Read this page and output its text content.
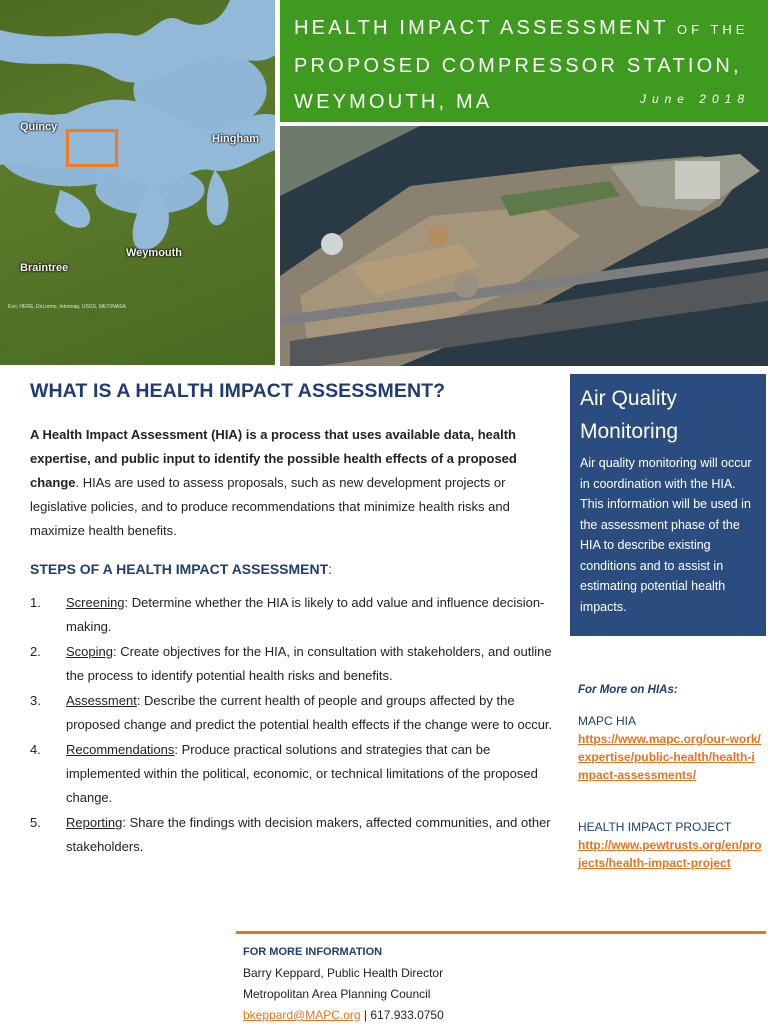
Quincy
Hingham
Weymouth
Braintree
Esri, HERE, DeLorme, Intermap, USGS, METI/NASA
HEALTH IMPACT ASSESSMENT OF THE
PROPOSED COMPRESSOR STATION,
WEYMOUTH, MA	June 2018
WHAT IS A HEALTH IMPACT ASSESSMENT?

A Health Impact Assessment (HIA) is a process that uses available data, health expertise, and public input to identify the possible health effects of a proposed change. HIAs are used to assess proposals, such as new development projects or legislative policies, and to produce recommendations that minimize health risks and maximize health benefits.

STEPS OF A HEALTH IMPACT ASSESSMENT:
1. Screening: Determine whether the HIA is likely to add value and influence decision-making.
2. Scoping: Create objectives for the HIA, in consultation with stakeholders, and outline the process to identify potential health risks and benefits.
3. Assessment: Describe the current health of people and groups affected by the proposed change and predict the potential health effects if the change were to occur.
4. Recommendations: Produce practical solutions and strategies that can be implemented within the political, economic, or technical limitations of the proposed change.
5. Reporting: Share the findings with decision makers, affected communities, and other stakeholders.
Air Quality Monitoring
Air quality monitoring will occur in coordination with the HIA. This information will be used in the assessment phase of the HIA to describe existing conditions and to assist in estimating potential health impacts.
For More on HIAs:
MAPC HIA
https://www.mapc.org/our-work/expertise/public-health/health-impact-assessments/
HEALTH IMPACT PROJECT
http://www.pewtrusts.org/en/projects/health-impact-project
FOR MORE INFORMATION
Barry Keppard, Public Health Director
Metropolitan Area Planning Council
bkeppard@MAPC.org | 617.933.0750
